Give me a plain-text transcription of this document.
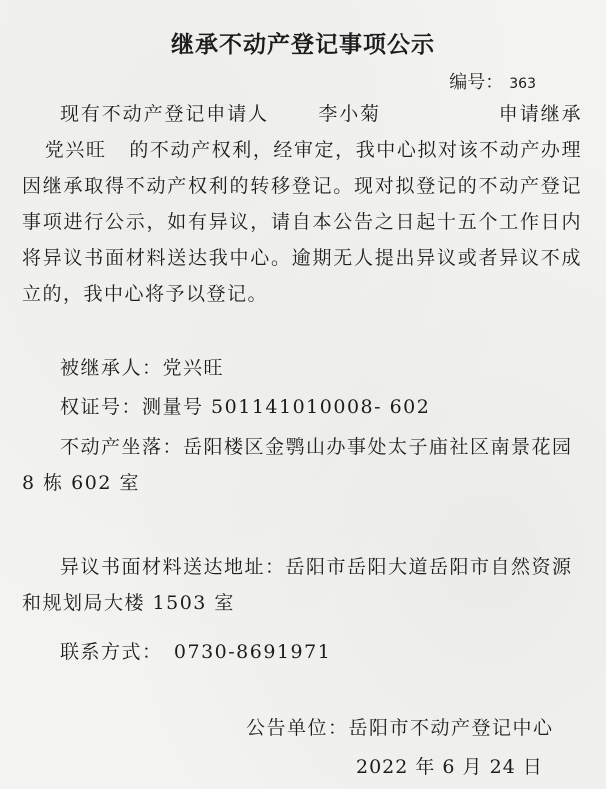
继承不动产登记事项公示
编号： 363
现有不动产登记申请人	李小菊	申请继承党兴旺 的不动产权利，经审定，我中心拟对该不动产办理因继承取得不动产权利的转移登记。现对拟登记的不动产登记事项进行公示，如有异议，请自本公告之日起十五个工作日内将异议书面材料送达我中心。逾期无人提出异议或者异议不成立的，我中心将予以登记。
被继承人：党兴旺
权证号：测量号 501141010008- 602
不动产坐落：岳阳楼区金鹗山办事处太子庙社区南景花园 8 栋 602 室
异议书面材料送达地址：岳阳市岳阳大道岳阳市自然资源和规划局大楼 1503 室
联系方式： 0730-8691971
公告单位：岳阳市不动产登记中心
2022 年 6 月 24 日
